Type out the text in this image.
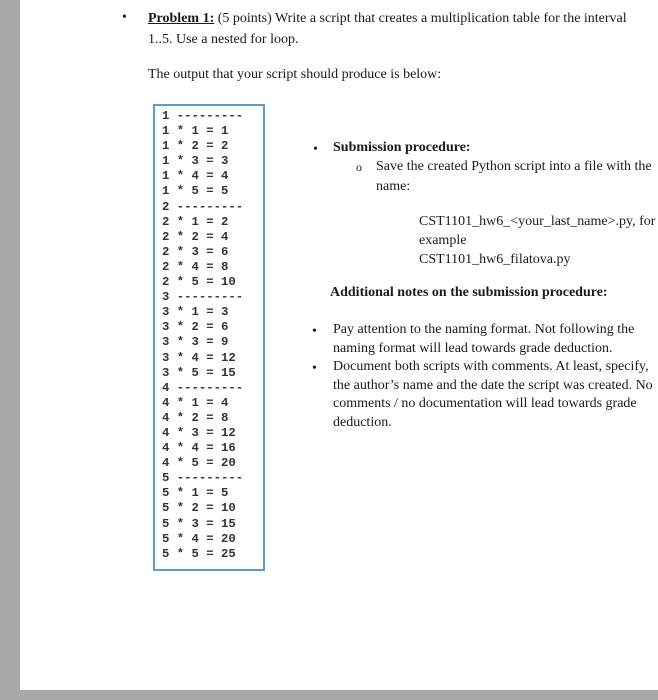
• Problem 1: (5 points) Write a script that creates a multiplication table for the interval 1..5. Use a nested for loop.
The output that your script should produce is below:
1 ---------
1 * 1 = 1
1 * 2 = 2
1 * 3 = 3
1 * 4 = 4
1 * 5 = 5
2 ---------
2 * 1 = 2
2 * 2 = 4
2 * 3 = 6
2 * 4 = 8
2 * 5 = 10
3 ---------
3 * 1 = 3
3 * 2 = 6
3 * 3 = 9
3 * 4 = 12
3 * 5 = 15
4 ---------
4 * 1 = 4
4 * 2 = 8
4 * 3 = 12
4 * 4 = 16
4 * 5 = 20
5 ---------
5 * 1 = 5
5 * 2 = 10
5 * 3 = 15
5 * 4 = 20
5 * 5 = 25
• Submission procedure:
o Save the created Python script into a file with the name:
CST1101_hw6_<your_last_name>.py, for
example
CST1101_hw6_filatova.py
Additional notes on the submission procedure:
• Pay attention to the naming format. Not following the naming format will lead towards grade deduction.
• Document both scripts with comments. At least, specify, the author’s name and the date the script was created. No comments / no documentation will lead towards grade deduction.
